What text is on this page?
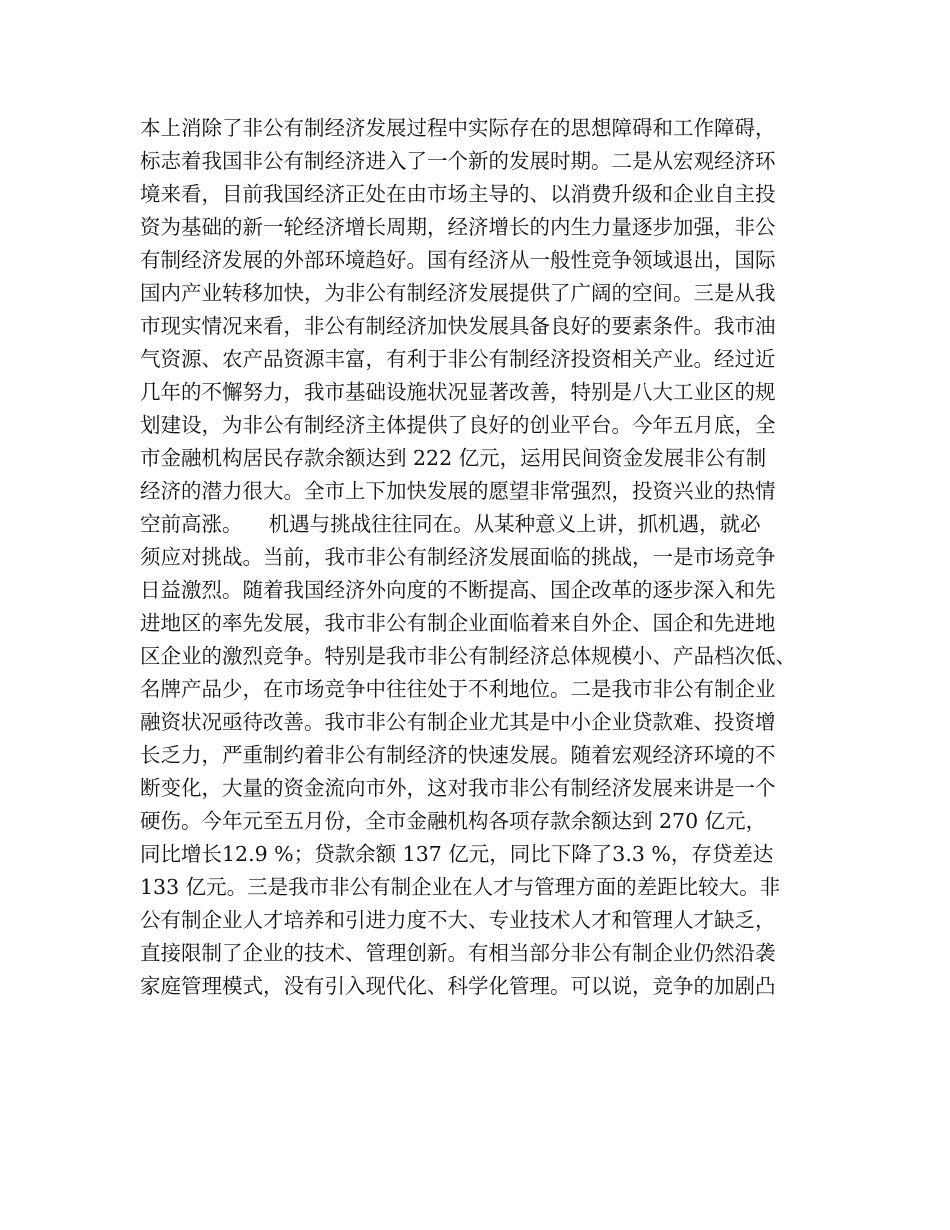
本上消除了非公有制经济发展过程中实际存在的思想障碍和工作障碍，
标志着我国非公有制经济进入了一个新的发展时期。二是从宏观经济环
境来看，目前我国经济正处在由市场主导的、以消费升级和企业自主投
资为基础的新一轮经济增长周期，经济增长的内生力量逐步加强，非公
有制经济发展的外部环境趋好。国有经济从一般性竞争领域退出，国际
国内产业转移加快，为非公有制经济发展提供了广阔的空间。三是从我
市现实情况来看，非公有制经济加快发展具备良好的要素条件。我市油
气资源、农产品资源丰富，有利于非公有制经济投资相关产业。经过近
几年的不懈努力，我市基础设施状况显著改善，特别是八大工业区的规
划建设，为非公有制经济主体提供了良好的创业平台。今年五月底，全
市金融机构居民存款余额达到 222 亿元，运用民间资金发展非公有制
经济的潜力很大。全市上下加快发展的愿望非常强烈，投资兴业的热情
空前高涨。    机遇与挑战往往同在。从某种意义上讲，抓机遇，就必
须应对挑战。当前，我市非公有制经济发展面临的挑战，一是市场竞争
日益激烈。随着我国经济外向度的不断提高、国企改革的逐步深入和先
进地区的率先发展，我市非公有制企业面临着来自外企、国企和先进地
区企业的激烈竞争。特别是我市非公有制经济总体规模小、产品档次低、
名牌产品少，在市场竞争中往往处于不利地位。二是我市非公有制企业
融资状况亟待改善。我市非公有制企业尤其是中小企业贷款难、投资增
长乏力，严重制约着非公有制经济的快速发展。随着宏观经济环境的不
断变化，大量的资金流向市外，这对我市非公有制经济发展来讲是一个
硬伤。今年元至五月份，全市金融机构各项存款余额达到 270 亿元，
同比增长12.9 %；贷款余额 137 亿元，同比下降了3.3 %，存贷差达
133 亿元。三是我市非公有制企业在人才与管理方面的差距比较大。非
公有制企业人才培养和引进力度不大、专业技术人才和管理人才缺乏，
直接限制了企业的技术、管理创新。有相当部分非公有制企业仍然沿袭
家庭管理模式，没有引入现代化、科学化管理。可以说，竞争的加剧凸
